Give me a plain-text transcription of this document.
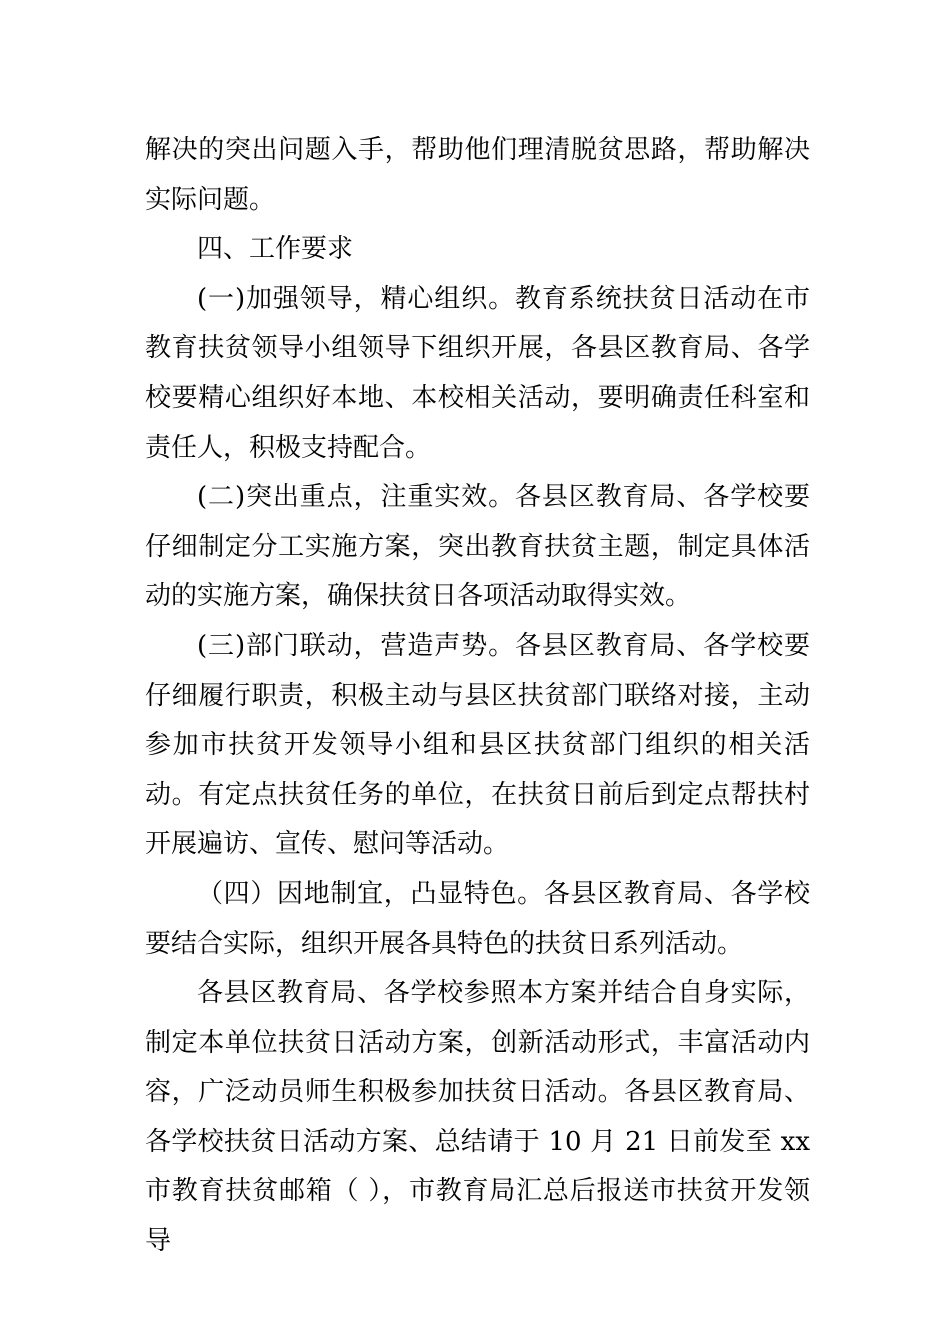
解决的突出问题入手，帮助他们理清脱贫思路，帮助解决实际问题。

四、工作要求

(一)加强领导，精心组织。教育系统扶贫日活动在市教育扶贫领导小组领导下组织开展，各县区教育局、各学校要精心组织好本地、本校相关活动，要明确责任科室和责任人，积极支持配合。

(二)突出重点，注重实效。各县区教育局、各学校要仔细制定分工实施方案，突出教育扶贫主题，制定具体活动的实施方案，确保扶贫日各项活动取得实效。

(三)部门联动，营造声势。各县区教育局、各学校要仔细履行职责，积极主动与县区扶贫部门联络对接，主动参加市扶贫开发领导小组和县区扶贫部门组织的相关活动。有定点扶贫任务的单位，在扶贫日前后到定点帮扶村开展遍访、宣传、慰问等活动。

（四）因地制宜，凸显特色。各县区教育局、各学校要结合实际，组织开展各具特色的扶贫日系列活动。

各县区教育局、各学校参照本方案并结合自身实际，制定本单位扶贫日活动方案，创新活动形式，丰富活动内容，广泛动员师生积极参加扶贫日活动。各县区教育局、各学校扶贫日活动方案、总结请于 10 月 21 日前发至 xx 市教育扶贫邮箱（ ），市教育局汇总后报送市扶贫开发领导
